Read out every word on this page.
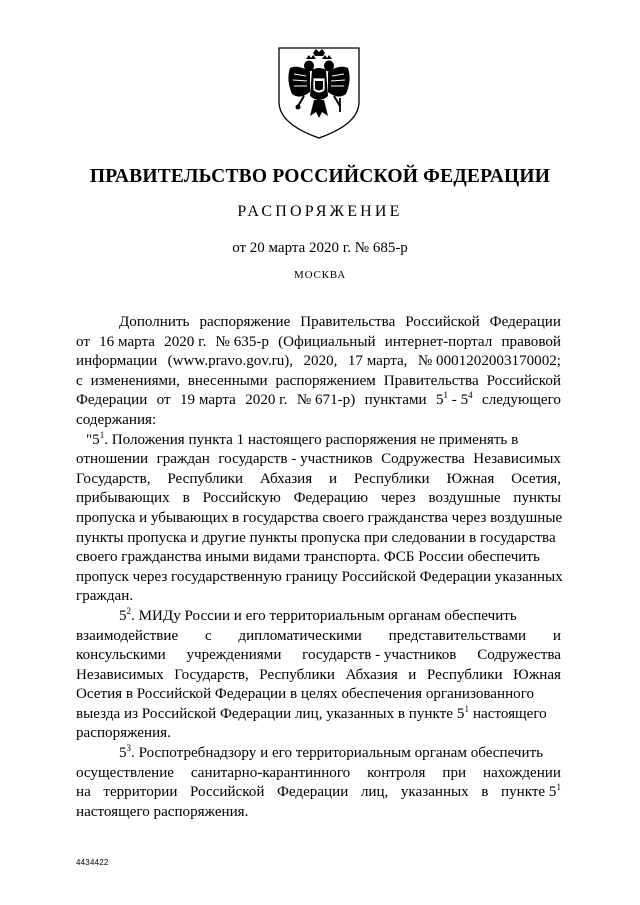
ПРАВИТЕЛЬСТВО РОССИЙСКОЙ ФЕДЕРАЦИИ
РАСПОРЯЖЕНИЕ
от 20 марта 2020 г. № 685-р
МОСКВА
Дополнить распоряжение Правительства Российской Федерации
от 16 марта 2020 г. № 635-р (Официальный интернет-портал правовой
информации (www.pravo.gov.ru), 2020, 17 марта, № 0001202003170002;
с изменениями, внесенными распоряжением Правительства Российской
Федерации от 19 марта 2020 г. № 671-р) пунктами $5^1 - 5^4$ следующего
содержания:
"$5^1$. Положения пункта 1 настоящего распоряжения не применять в
отношении граждан государств - участников Содружества Независимых
Государств, Республики Абхазия и Республики Южная Осетия,
прибывающих в Российскую Федерацию через воздушные пункты
пропуска и убывающих в государства своего гражданства через воздушные
пункты пропуска и другие пункты пропуска при следовании в государства
своего гражданства иными видами транспорта. ФСБ России обеспечить
пропуск через государственную границу Российской Федерации указанных
граждан.
$5^2$. МИДу России и его территориальным органам обеспечить
взаимодействие с дипломатическими представительствами и
консульскими учреждениями государств - участников Содружества
Независимых Государств, Республики Абхазия и Республики Южная
Осетия в Российской Федерации в целях обеспечения организованного
выезда из Российской Федерации лиц, указанных в пункте $5^1$ настоящего
распоряжения.
$5^3$. Роспотребнадзору и его территориальным органам обеспечить
осуществление санитарно-карантинного контроля при нахождении
на территории Российской Федерации лиц, указанных в пункте $5^1$
настоящего распоряжения.
4434422
